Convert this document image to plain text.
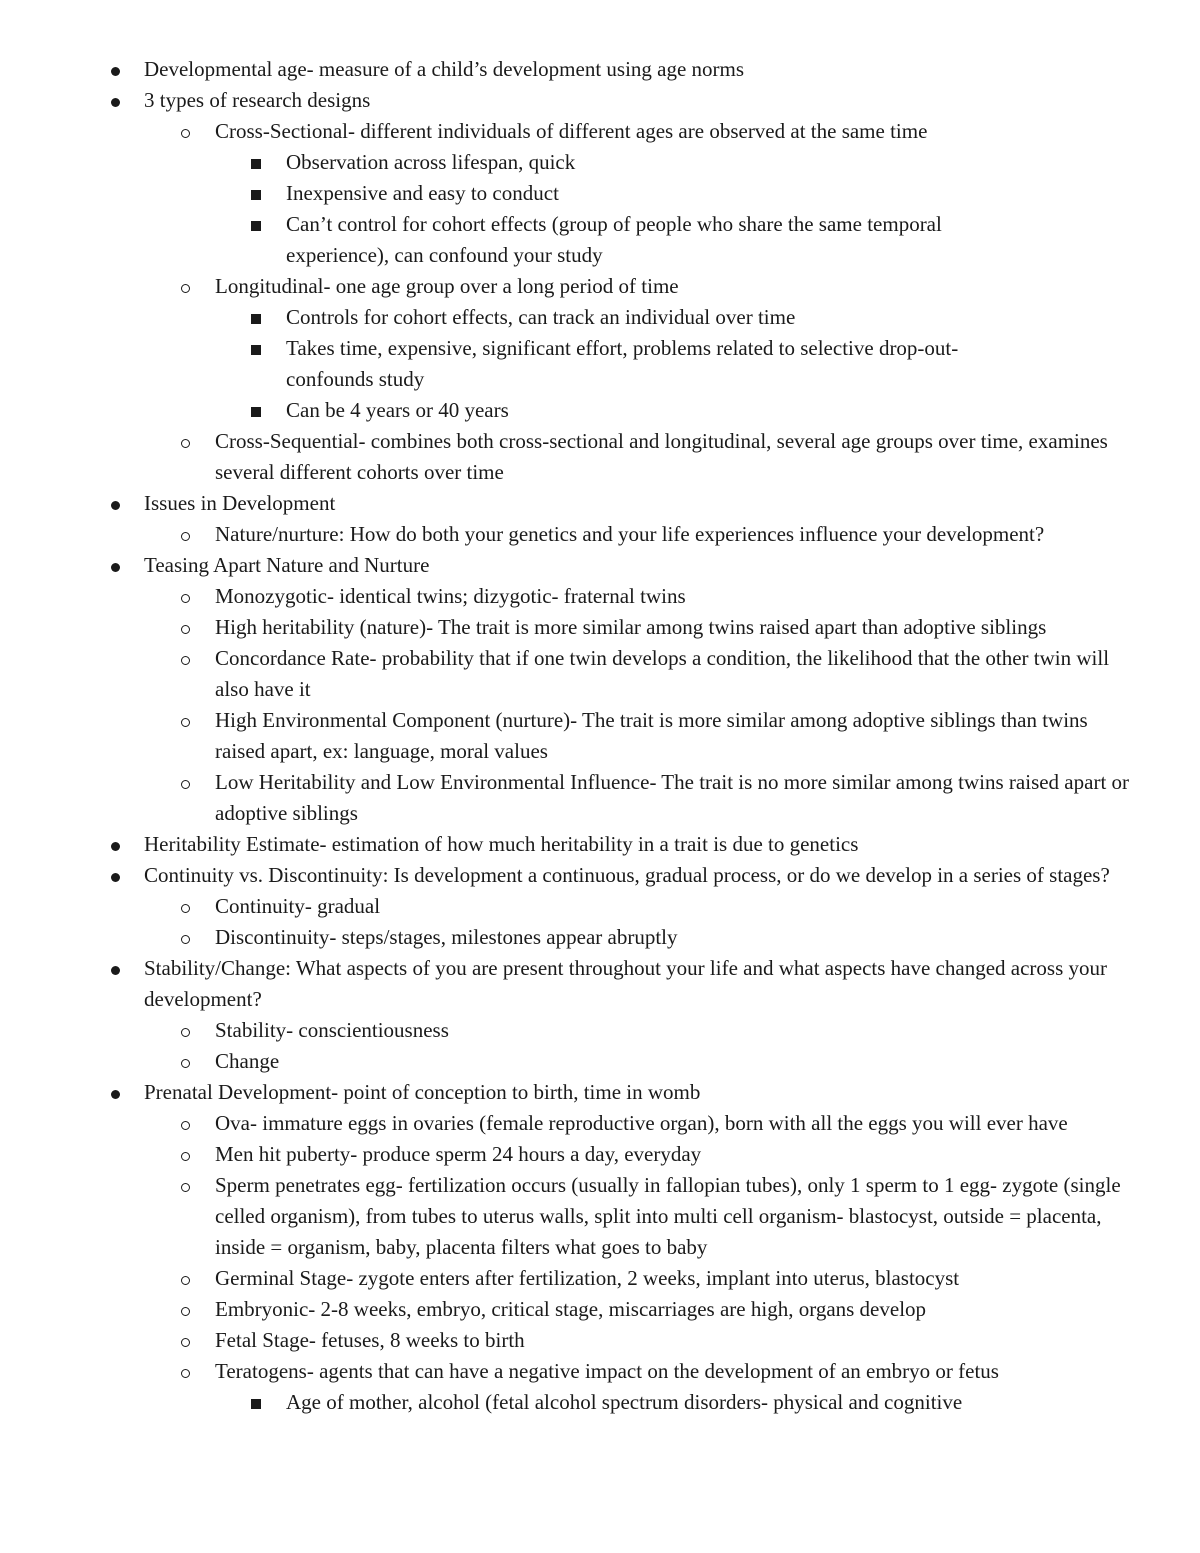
Developmental age- measure of a child’s development using age norms
3 types of research designs
Cross-Sectional- different individuals of different ages are observed at the same time
Observation across lifespan, quick
Inexpensive and easy to conduct
Can’t control for cohort effects (group of people who share the same temporal experience), can confound your study
Longitudinal- one age group over a long period of time
Controls for cohort effects, can track an individual over time
Takes time, expensive, significant effort, problems related to selective drop-out- confounds study
Can be 4 years or 40 years
Cross-Sequential- combines both cross-sectional and longitudinal, several age groups over time, examines several different cohorts over time
Issues in Development
Nature/nurture: How do both your genetics and your life experiences influence your development?
Teasing Apart Nature and Nurture
Monozygotic- identical twins; dizygotic- fraternal twins
High heritability (nature)- The trait is more similar among twins raised apart than adoptive siblings
Concordance Rate- probability that if one twin develops a condition, the likelihood that the other twin will also have it
High Environmental Component (nurture)- The trait is more similar among adoptive siblings than twins raised apart, ex: language, moral values
Low Heritability and Low Environmental Influence- The trait is no more similar among twins raised apart or adoptive siblings
Heritability Estimate- estimation of how much heritability in a trait is due to genetics
Continuity vs. Discontinuity: Is development a continuous, gradual process, or do we develop in a series of stages?
Continuity- gradual
Discontinuity- steps/stages, milestones appear abruptly
Stability/Change: What aspects of you are present throughout your life and what aspects have changed across your development?
Stability- conscientiousness
Change
Prenatal Development- point of conception to birth, time in womb
Ova- immature eggs in ovaries (female reproductive organ), born with all the eggs you will ever have
Men hit puberty- produce sperm 24 hours a day, everyday
Sperm penetrates egg- fertilization occurs (usually in fallopian tubes), only 1 sperm to 1 egg- zygote (single celled organism), from tubes to uterus walls, split into multi cell organism- blastocyst, outside = placenta, inside = organism, baby, placenta filters what goes to baby
Germinal Stage- zygote enters after fertilization, 2 weeks, implant into uterus, blastocyst
Embryonic- 2-8 weeks, embryo, critical stage, miscarriages are high, organs develop
Fetal Stage- fetuses, 8 weeks to birth
Teratogens- agents that can have a negative impact on the development of an embryo or fetus
Age of mother, alcohol (fetal alcohol spectrum disorders- physical and cognitive
